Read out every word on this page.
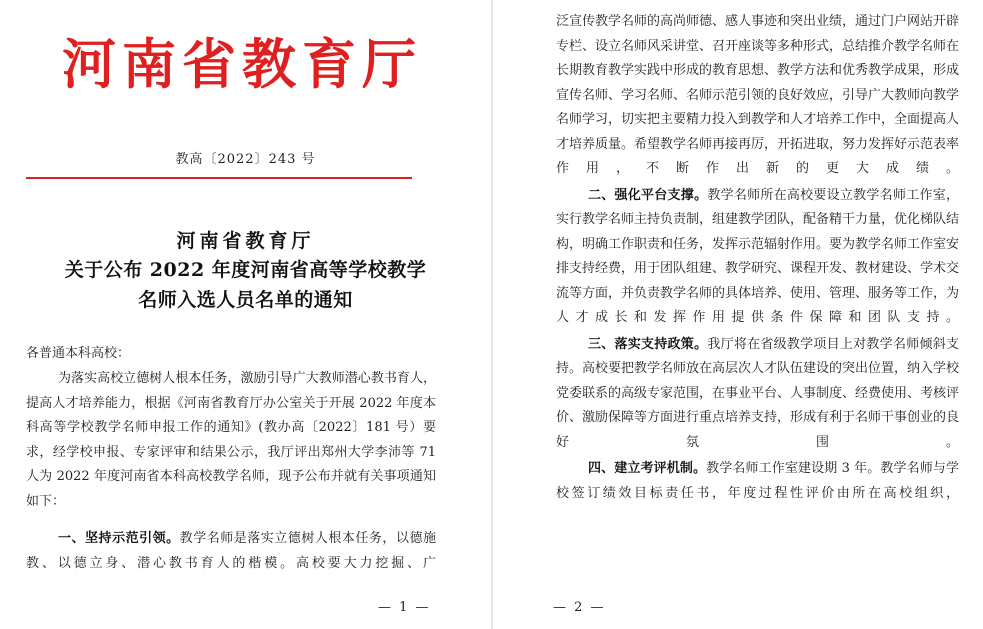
河南省教育厅
教高〔2022〕243 号
河南省教育厅
关于公布 2022 年度河南省高等学校教学
名师入选人员名单的通知
各普通本科高校：
为落实高校立德树人根本任务，激励引导广大教师潜心教书育人，提高人才培养能力，根据《河南省教育厅办公室关于开展 2022 年度本科高等学校教学名师申报工作的通知》(教办高〔2022〕181 号）要求，经学校申报、专家评审和结果公示，我厅评出郑州大学李沛等 71 人为 2022 年度河南省本科高校教学名师，现予公布并就有关事项通知如下：
一、坚持示范引领。教学名师是落实立德树人根本任务，以德施教、以德立身、潜心教书育人的楷模。高校要大力挖掘、广
— 1 —
泛宣传教学名师的高尚师德、感人事迹和突出业绩，通过门户网站开辟专栏、设立名师风采讲堂、召开座谈等多种形式，总结推介教学名师在长期教育教学实践中形成的教育思想、教学方法和优秀教学成果，形成宣传名师、学习名师、名师示范引领的良好效应，引导广大教师向教学名师学习，切实把主要精力投入到教学和人才培养工作中，全面提高人才培养质量。希望教学名师再接再厉，开拓进取，努力发挥好示范表率作用，不断作出新的更大成绩。
二、强化平台支撑。教学名师所在高校要设立教学名师工作室，实行教学名师主持负责制，组建教学团队，配备精干力量，优化梯队结构，明确工作职责和任务，发挥示范辐射作用。要为教学名师工作室安排支持经费，用于团队组建、教学研究、课程开发、教材建设、学术交流等方面，并负责教学名师的具体培养、使用、管理、服务等工作，为人才成长和发挥作用提供条件保障和团队支持。
三、落实支持政策。我厅将在省级教学项目上对教学名师倾斜支持。高校要把教学名师放在高层次人才队伍建设的突出位置，纳入学校党委联系的高级专家范围，在事业平台、人事制度、经费使用、考核评价、激励保障等方面进行重点培养支持，形成有利于名师干事创业的良好氛围。
四、建立考评机制。教学名师工作室建设期 3 年。教学名师与学校签订绩效目标责任书，年度过程性评价由所在高校组织，
— 2 —
